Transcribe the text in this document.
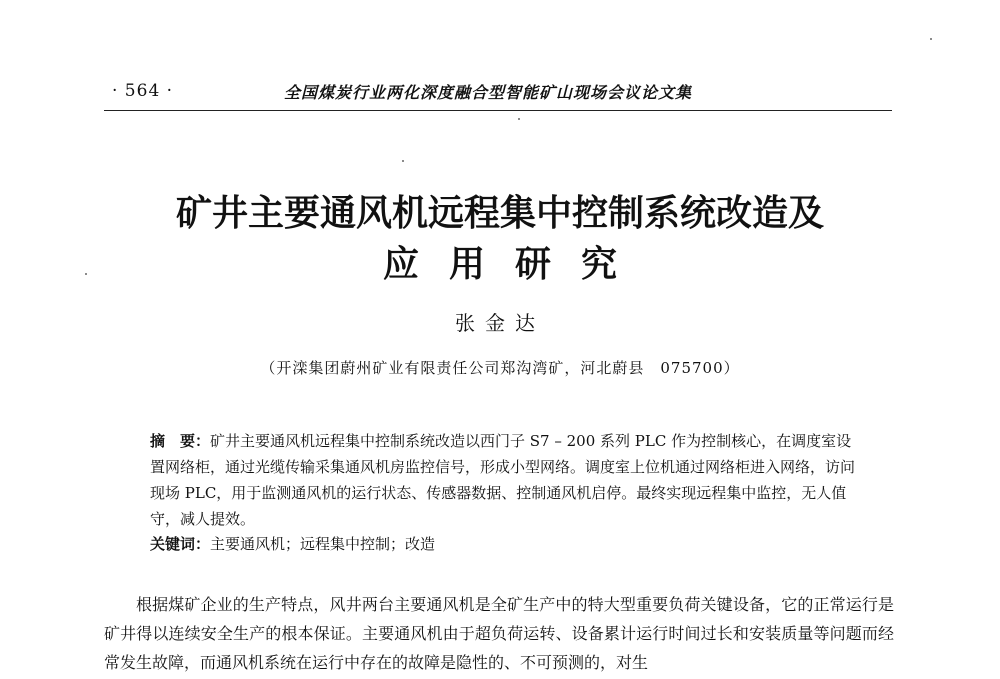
· 564 ·	全国煤炭行业两化深度融合型智能矿山现场会议论文集
矿井主要通风机远程集中控制系统改造及
应用研究
张金达
（开滦集团蔚州矿业有限责任公司郑沟湾矿，河北蔚县　075700）
摘　要：矿井主要通风机远程集中控制系统改造以西门子 S7 – 200 系列 PLC 作为控制核心，在调度室设置网络柜，通过光缆传输采集通风机房监控信号，形成小型网络。调度室上位机通过网络柜进入网络，访问现场 PLC，用于监测通风机的运行状态、传感器数据、控制通风机启停。最终实现远程集中监控，无人值守，减人提效。
关键词：主要通风机；远程集中控制；改造
根据煤矿企业的生产特点，风井两台主要通风机是全矿生产中的特大型重要负荷关键设备，它的正常运行是矿井得以连续安全生产的根本保证。主要通风机由于超负荷运转、设备累计运行时间过长和安装质量等问题而经常发生故障，而通风机系统在运行中存在的故障是隐性的、不可预测的，对生
